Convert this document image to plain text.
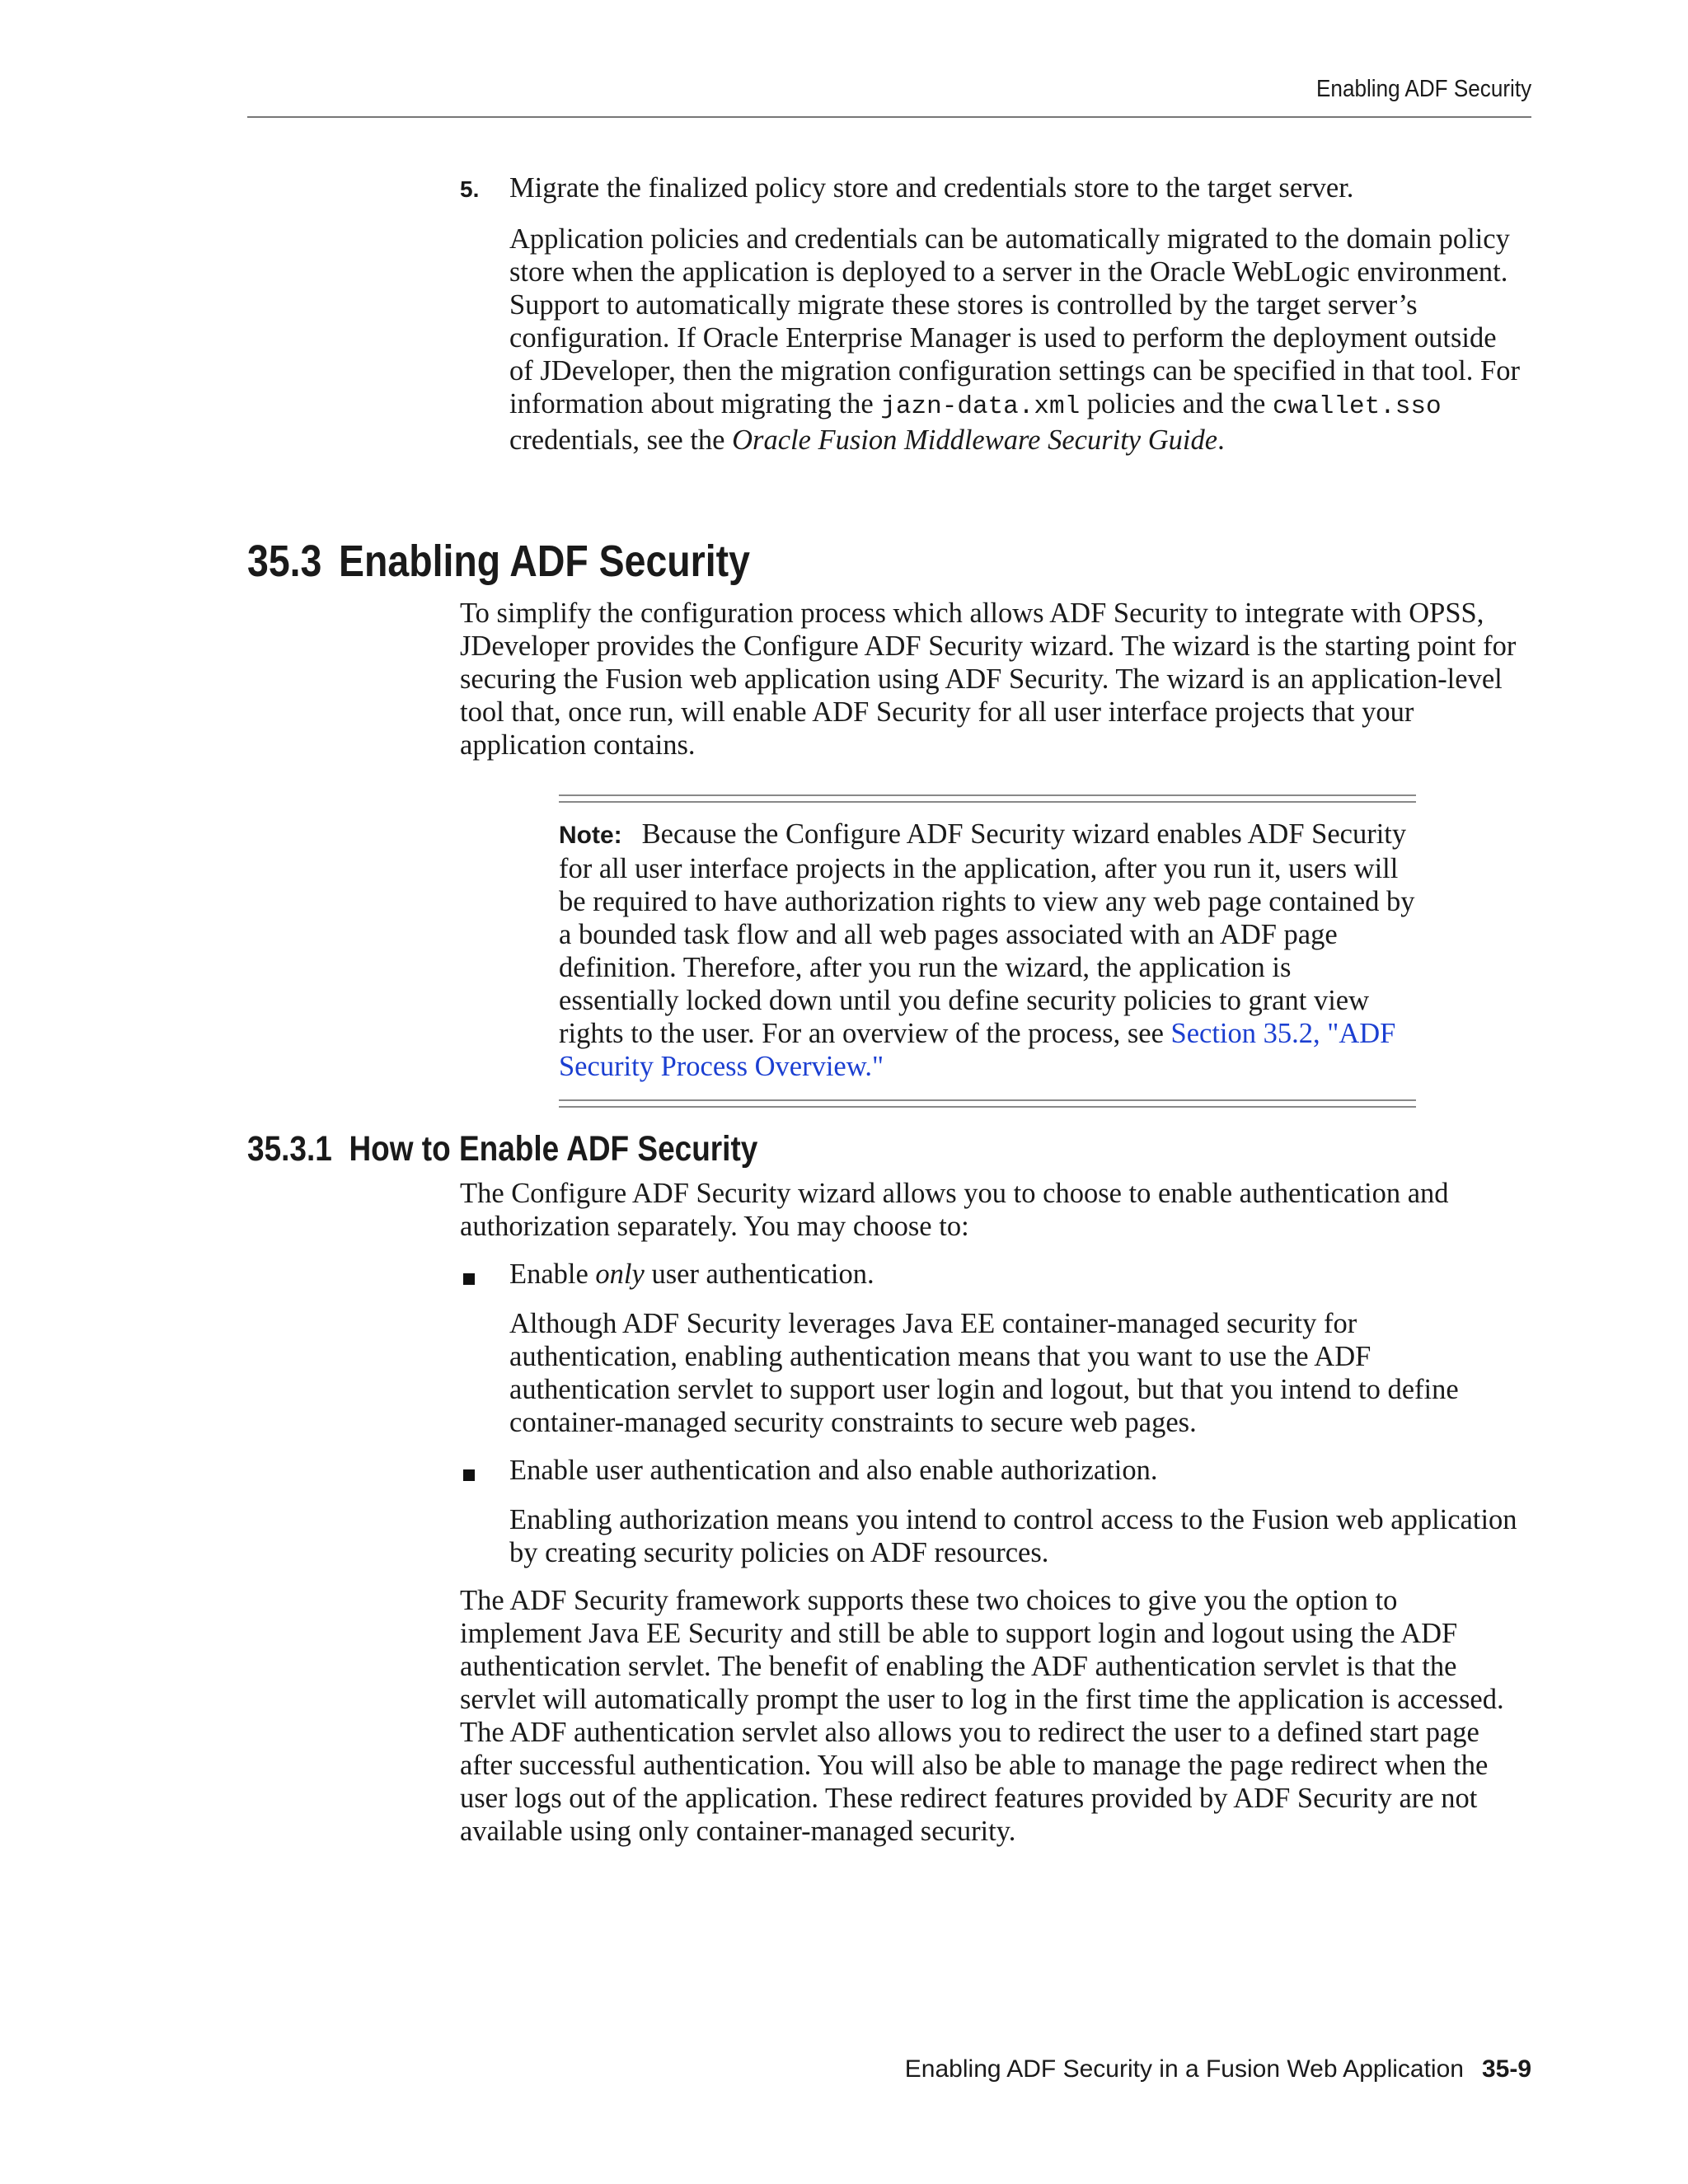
Enabling ADF Security
5. Migrate the finalized policy store and credentials store to the target server.

Application policies and credentials can be automatically migrated to the domain policy store when the application is deployed to a server in the Oracle WebLogic environment. Support to automatically migrate these stores is controlled by the target server’s configuration. If Oracle Enterprise Manager is used to perform the deployment outside of JDeveloper, then the migration configuration settings can be specified in that tool. For information about migrating the jazn-data.xml policies and the cwallet.sso credentials, see the Oracle Fusion Middleware Security Guide.

35.3 Enabling ADF Security

To simplify the configuration process which allows ADF Security to integrate with OPSS, JDeveloper provides the Configure ADF Security wizard. The wizard is the starting point for securing the Fusion web application using ADF Security. The wizard is an application-level tool that, once run, will enable ADF Security for all user interface projects that your application contains.

Note: Because the Configure ADF Security wizard enables ADF Security for all user interface projects in the application, after you run it, users will be required to have authorization rights to view any web page contained by a bounded task flow and all web pages associated with an ADF page definition. Therefore, after you run the wizard, the application is essentially locked down until you define security policies to grant view rights to the user. For an overview of the process, see Section 35.2, "ADF Security Process Overview."
35.3.1 How to Enable ADF Security

The Configure ADF Security wizard allows you to choose to enable authentication and authorization separately. You may choose to:

Enable only user authentication.

Although ADF Security leverages Java EE container-managed security for authentication, enabling authentication means that you want to use the ADF authentication servlet to support user login and logout, but that you intend to define container-managed security constraints to secure web pages.

Enable user authentication and also enable authorization.

Enabling authorization means you intend to control access to the Fusion web application by creating security policies on ADF resources.

The ADF Security framework supports these two choices to give you the option to implement Java EE Security and still be able to support login and logout using the ADF authentication servlet. The benefit of enabling the ADF authentication servlet is that the servlet will automatically prompt the user to log in the first time the application is accessed. The ADF authentication servlet also allows you to redirect the user to a defined start page after successful authentication. You will also be able to manage the page redirect when the user logs out of the application. These redirect features provided by ADF Security are not available using only container-managed security.

Enabling ADF Security in a Fusion Web Application 35-9
